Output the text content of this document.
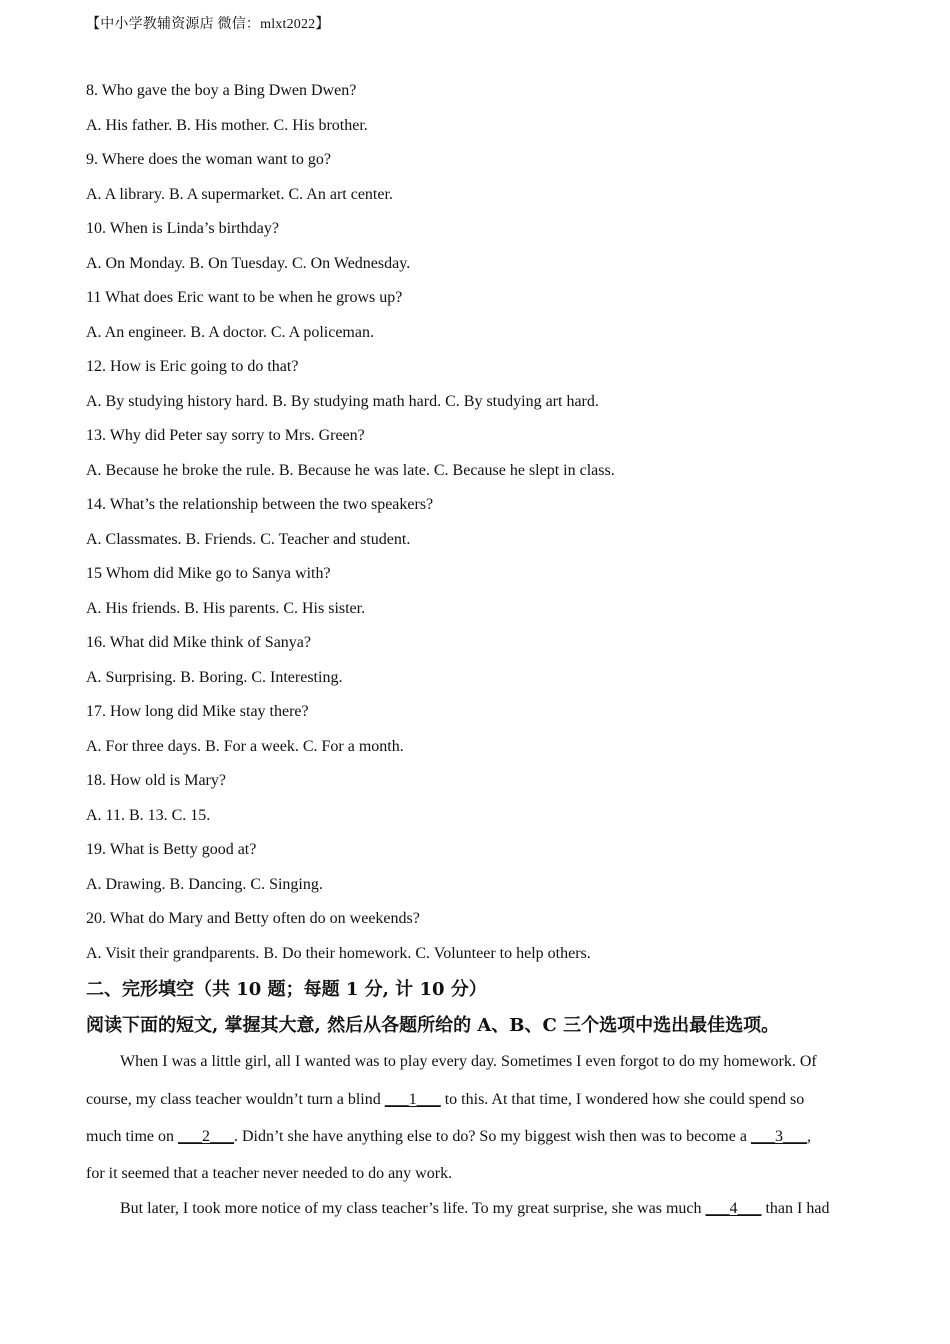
【中小学教辅资源店 微信：mlxt2022】
8. Who gave the boy a Bing Dwen Dwen?
A. His father. B. His mother. C. His brother.
9. Where does the woman want to go?
A. A library. B. A supermarket. C. An art center.
10. When is Linda’s birthday?
A. On Monday. B. On Tuesday. C. On Wednesday.
11 What does Eric want to be when he grows up?
A. An engineer. B. A doctor. C. A policeman.
12. How is Eric going to do that?
A. By studying history hard. B. By studying math hard. C. By studying art hard.
13. Why did Peter say sorry to Mrs. Green?
A. Because he broke the rule. B. Because he was late. C. Because he slept in class.
14. What’s the relationship between the two speakers?
A. Classmates. B. Friends. C. Teacher and student.
15 Whom did Mike go to Sanya with?
A. His friends. B. His parents. C. His sister.
16. What did Mike think of Sanya?
A. Surprising. B. Boring. C. Interesting.
17. How long did Mike stay there?
A. For three days. B. For a week. C. For a month.
18. How old is Mary?
A. 11. B. 13. C. 15.
19. What is Betty good at?
A. Drawing. B. Dancing. C. Singing.
20. What do Mary and Betty often do on weekends?
A. Visit their grandparents. B. Do their homework. C. Volunteer to help others.
二、完形填空（共 10 题；每题 1 分, 计 10 分）
阅读下面的短文, 掌握其大意, 然后从各题所给的 A、B、C 三个选项中选出最佳选项。
When I was a little girl, all I wanted was to play every day. Sometimes I even forgot to do my homework. Of
course, my class teacher wouldn’t turn a blind ___1___ to this. At that time, I wondered how she could spend so
much time on ___2___. Didn’t she have anything else to do? So my biggest wish then was to become a ___3___,
for it seemed that a teacher never needed to do any work.
But later, I took more notice of my class teacher’s life. To my great surprise, she was much ___4___ than I had
